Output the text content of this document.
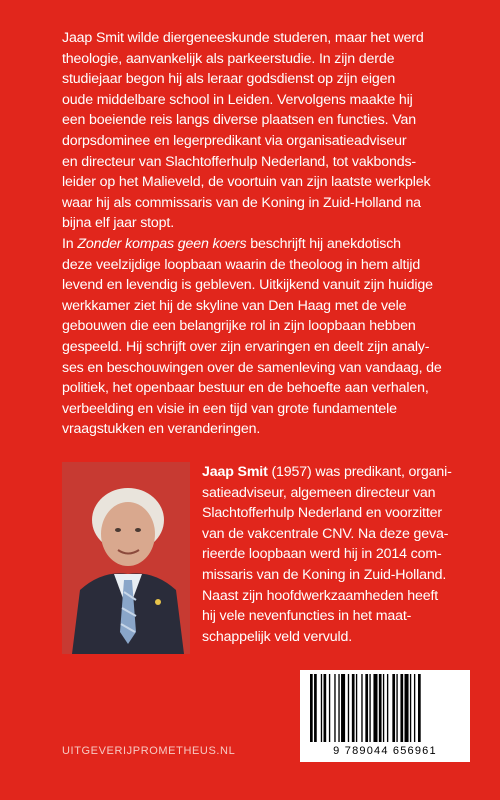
Jaap Smit wilde diergeneeskunde studeren, maar het werd
theologie, aanvankelijk als parkeerstudie. In zijn derde
studiejaar begon hij als leraar godsdienst op zijn eigen
oude middelbare school in Leiden. Vervolgens maakte hij
een boeiende reis langs diverse plaatsen en functies. Van
dorpsdominee en legerpredikant via organisatieadviseur
en directeur van Slachtofferhulp Nederland, tot vakbonds-
leider op het Malieveld, de voortuin van zijn laatste werkplek
waar hij als commissaris van de Koning in Zuid-Holland na
bijna elf jaar stopt.

In Zonder kompas geen koers beschrijft hij anekdotisch
deze veelzijdige loopbaan waarin de theoloog in hem altijd
levend en levendig is gebleven. Uitkijkend vanuit zijn huidige
werkkamer ziet hij de skyline van Den Haag met de vele
gebouwen die een belangrijke rol in zijn loopbaan hebben
gespeeld. Hij schrijft over zijn ervaringen en deelt zijn analy-
ses en beschouwingen over de samenleving van vandaag, de
politiek, het openbaar bestuur en de behoefte aan verhalen,
verbeelding en visie in een tijd van grote fundamentele
vraagstukken en veranderingen.

Jaap Smit (1957) was predikant, organi-
satieadviseur, algemeen directeur van
Slachtofferhulp Nederland en voorzitter
van de vakcentrale CNV. Na deze geva-
rieerde loopbaan werd hij in 2014 com-
missaris van de Koning in Zuid-Holland.
Naast zijn hoofdwerkzaamheden heeft
hij vele nevenfuncties in het maat-
schappelijk veld vervuld.
9 789044 656961
UITGEVERIJPROMETHEUS.NL
